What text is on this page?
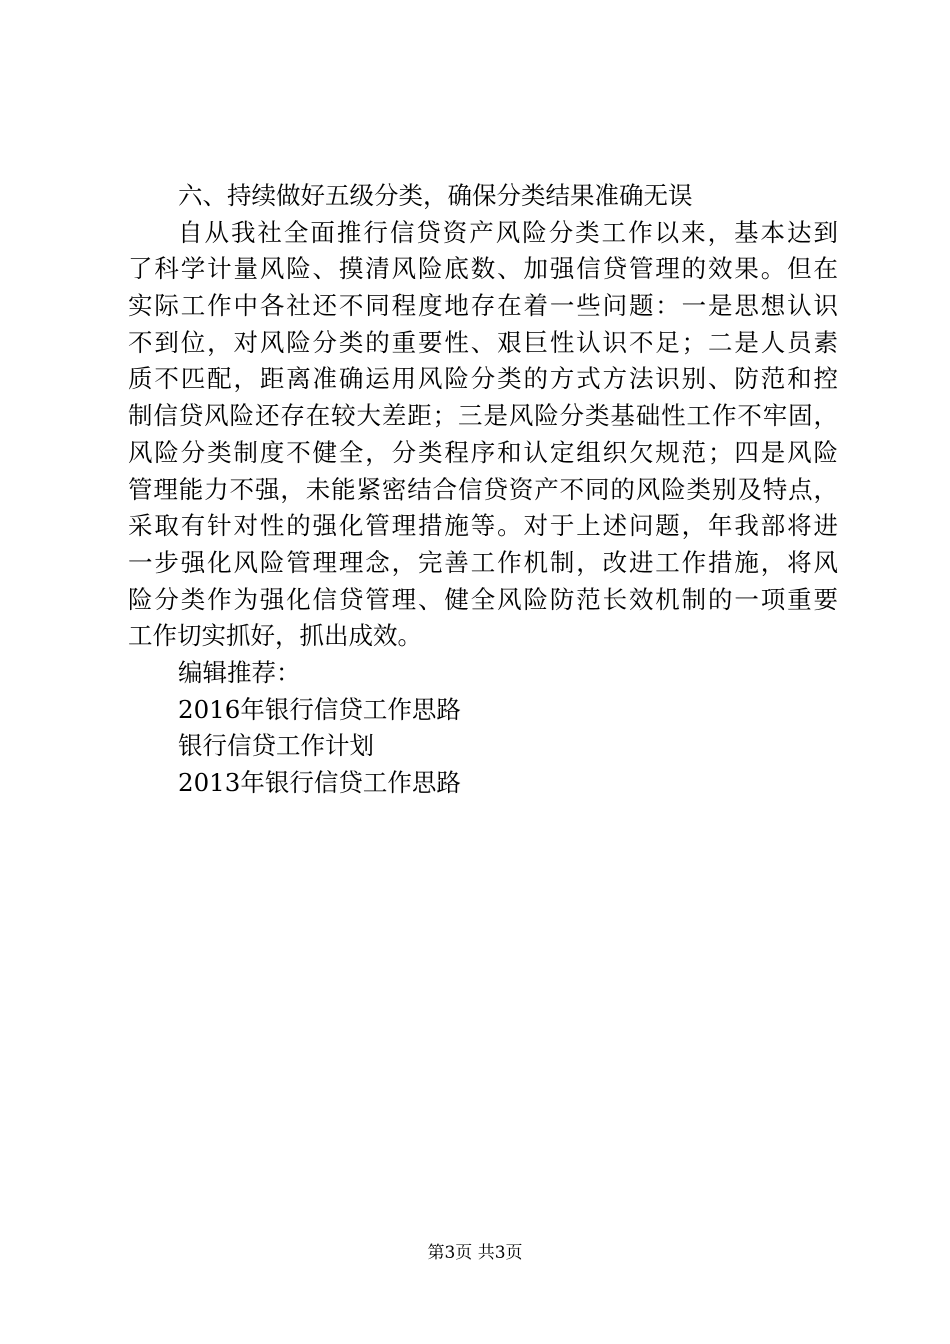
六、持续做好五级分类，确保分类结果准确无误
自从我社全面推行信贷资产风险分类工作以来，基本达到
了科学计量风险、摸清风险底数、加强信贷管理的效果。但在
实际工作中各社还不同程度地存在着一些问题：一是思想认识
不到位，对风险分类的重要性、艰巨性认识不足；二是人员素
质不匹配，距离准确运用风险分类的方式方法识别、防范和控
制信贷风险还存在较大差距；三是风险分类基础性工作不牢固，
风险分类制度不健全，分类程序和认定组织欠规范；四是风险
管理能力不强，未能紧密结合信贷资产不同的风险类别及特点，
采取有针对性的强化管理措施等。对于上述问题，年我部将进
一步强化风险管理理念，完善工作机制，改进工作措施，将风
险分类作为强化信贷管理、健全风险防范长效机制的一项重要
工作切实抓好，抓出成效。
编辑推荐：
2016年银行信贷工作思路
银行信贷工作计划
2013年银行信贷工作思路
第3页 共3页
